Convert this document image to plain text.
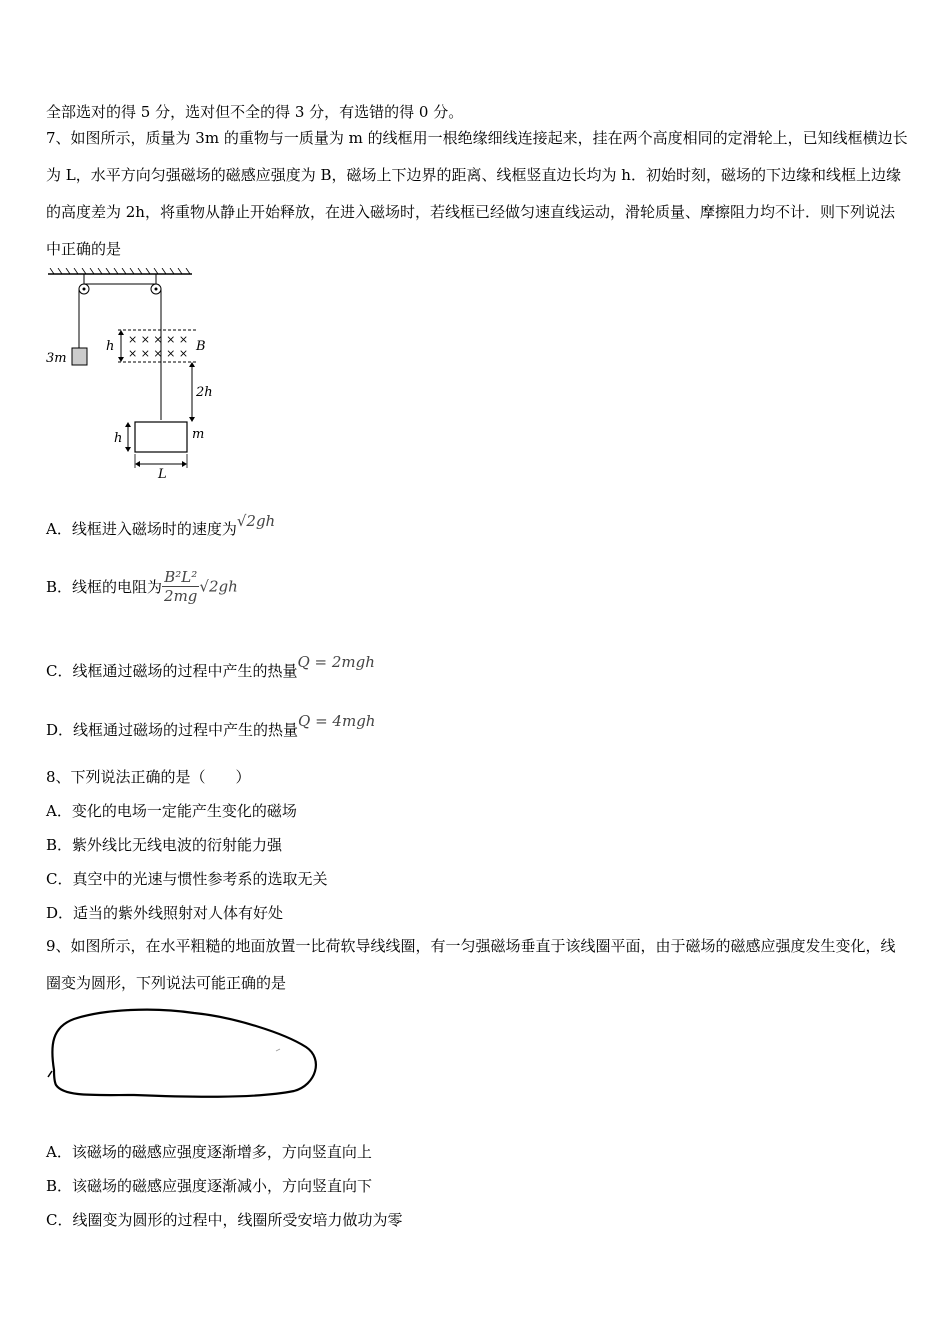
全部选对的得 5 分，选对但不全的得 3 分，有选错的得 0 分。
7、如图所示，质量为 3m 的重物与一质量为 m 的线框用一根绝缘细线连接起来，挂在两个高度相同的定滑轮上，已知线框横边长为 L，水平方向匀强磁场的磁感应强度为 B，磁场上下边界的距离、线框竖直边长均为 h．初始时刻，磁场的下边缘和线框上边缘的高度差为 2h，将重物从静止开始释放，在进入磁场时，若线框已经做匀速直线运动，滑轮质量、摩擦阻力均不计．则下列说法中正确的是
3m
× × × × ×
× × × × × B
h
2h
m
h
L
A．线框进入磁场时的速度为√2gh
B．线框的电阻为 $\frac{\text{B²L²}}{2mg} √2gh$
C．线框通过磁场的过程中产生的热量Q = 2mgh
D．线框通过磁场的过程中产生的热量Q = 4mgh
8、下列说法正确的是（　　）
A．变化的电场一定能产生变化的磁场
B．紫外线比无线电波的衍射能力强
C．真空中的光速与惯性参考系的选取无关
D．适当的紫外线照射对人体有好处
9、如图所示，在水平粗糙的地面放置一比荷软导线线圈，有一匀强磁场垂直于该线圈平面，由于磁场的磁感应强度发生变化，线圈变为圆形，下列说法可能正确的是
A．该磁场的磁感应强度逐渐增多，方向竖直向上
B．该磁场的磁感应强度逐渐减小，方向竖直向下
C．线圈变为圆形的过程中，线圈所受安培力做功为零
